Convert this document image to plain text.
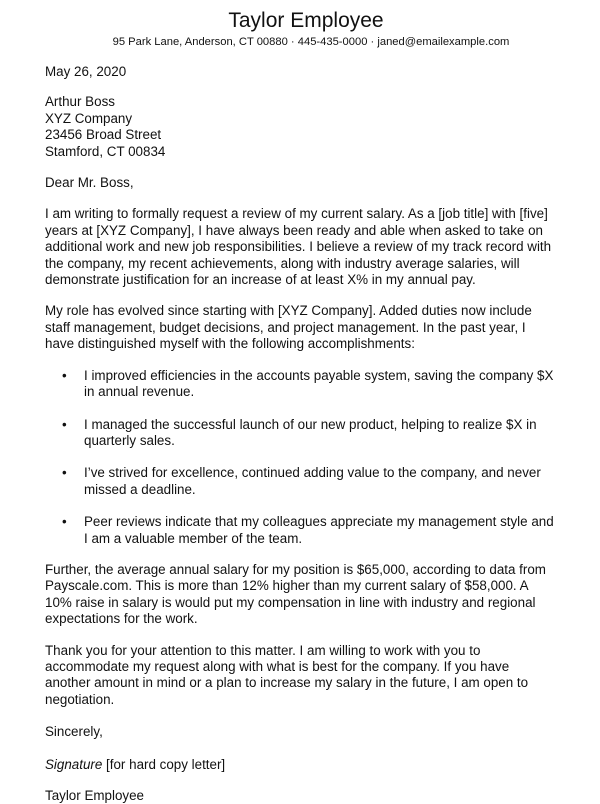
Taylor Employee
95 Park Lane, Anderson, CT 00880 · 445-435-0000 · janed@emailexample.com
May 26, 2020
Arthur Boss
XYZ Company
23456 Broad Street
Stamford, CT 00834
Dear Mr. Boss,

I am writing to formally request a review of my current salary. As a [job title] with [five] years at [XYZ Company], I have always been ready and able when asked to take on additional work and new job responsibilities. I believe a review of my track record with the company, my recent achievements, along with industry average salaries, will demonstrate justification for an increase of at least X% in my annual pay.

My role has evolved since starting with [XYZ Company]. Added duties now include staff management, budget decisions, and project management. In the past year, I have distinguished myself with the following accomplishments:

• I improved efficiencies in the accounts payable system, saving the company $X in annual revenue.
• I managed the successful launch of our new product, helping to realize $X in quarterly sales.
• I’ve strived for excellence, continued adding value to the company, and never missed a deadline.
• Peer reviews indicate that my colleagues appreciate my management style and I am a valuable member of the team.

Further, the average annual salary for my position is $65,000, according to data from Payscale.com. This is more than 12% higher than my current salary of $58,000. A 10% raise in salary is would put my compensation in line with industry and regional expectations for the work.

Thank you for your attention to this matter. I am willing to work with you to accommodate my request along with what is best for the company. If you have another amount in mind or a plan to increase my salary in the future, I am open to negotiation.

Sincerely,
Signature [for hard copy letter]
Taylor Employee
